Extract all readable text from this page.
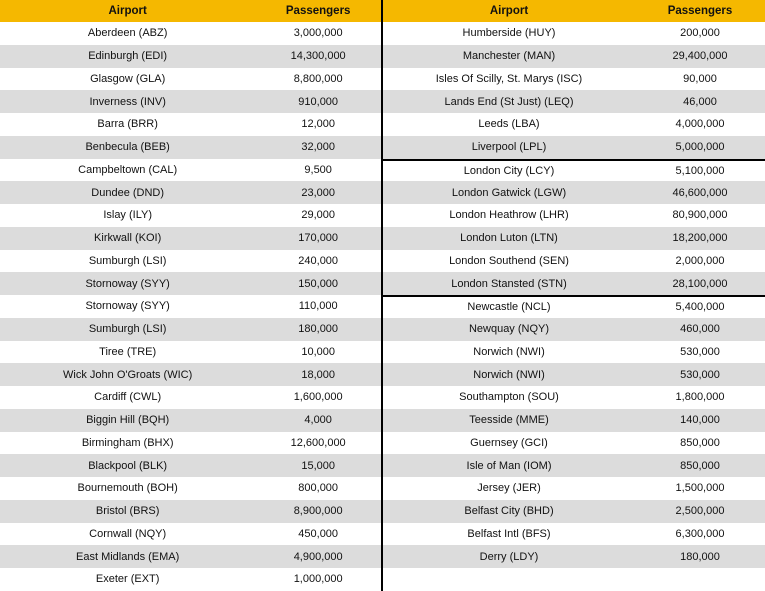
Airport	Passengers
Aberdeen (ABZ)	3,000,000
Edinburgh (EDI)	14,300,000
Glasgow (GLA)	8,800,000
Inverness (INV)	910,000
Barra (BRR)	12,000
Benbecula (BEB)	32,000
Campbeltown (CAL)	9,500
Dundee (DND)	23,000
Islay (ILY)	29,000
Kirkwall (KOI)	170,000
Sumburgh (LSI)	240,000
Stornoway (SYY)	150,000
Stornoway (SYY)	110,000
Sumburgh (LSI)	180,000
Tiree (TRE)	10,000
Wick John O'Groats (WIC)	18,000
Cardiff (CWL)	1,600,000
Biggin Hill (BQH)	4,000
Birmingham (BHX)	12,600,000
Blackpool (BLK)	15,000
Bournemouth (BOH)	800,000
Bristol (BRS)	8,900,000
Cornwall (NQY)	450,000
East Midlands (EMA)	4,900,000
Exeter (EXT)	1,000,000
Airport	Passengers
Humberside (HUY)	200,000
Manchester (MAN)	29,400,000
Isles Of Scilly, St. Marys (ISC)	90,000
Lands End (St Just) (LEQ)	46,000
Leeds (LBA)	4,000,000
Liverpool (LPL)	5,000,000
London City (LCY)	5,100,000
London Gatwick (LGW)	46,600,000
London Heathrow (LHR)	80,900,000
London Luton (LTN)	18,200,000
London Southend (SEN)	2,000,000
London Stansted (STN)	28,100,000
Newcastle (NCL)	5,400,000
Newquay (NQY)	460,000
Norwich (NWI)	530,000
Norwich (NWI)	530,000
Southampton (SOU)	1,800,000
Teesside (MME)	140,000
Guernsey (GCI)	850,000
Isle of Man (IOM)	850,000
Jersey (JER)	1,500,000
Belfast City (BHD)	2,500,000
Belfast Intl (BFS)	6,300,000
Derry (LDY)	180,000
